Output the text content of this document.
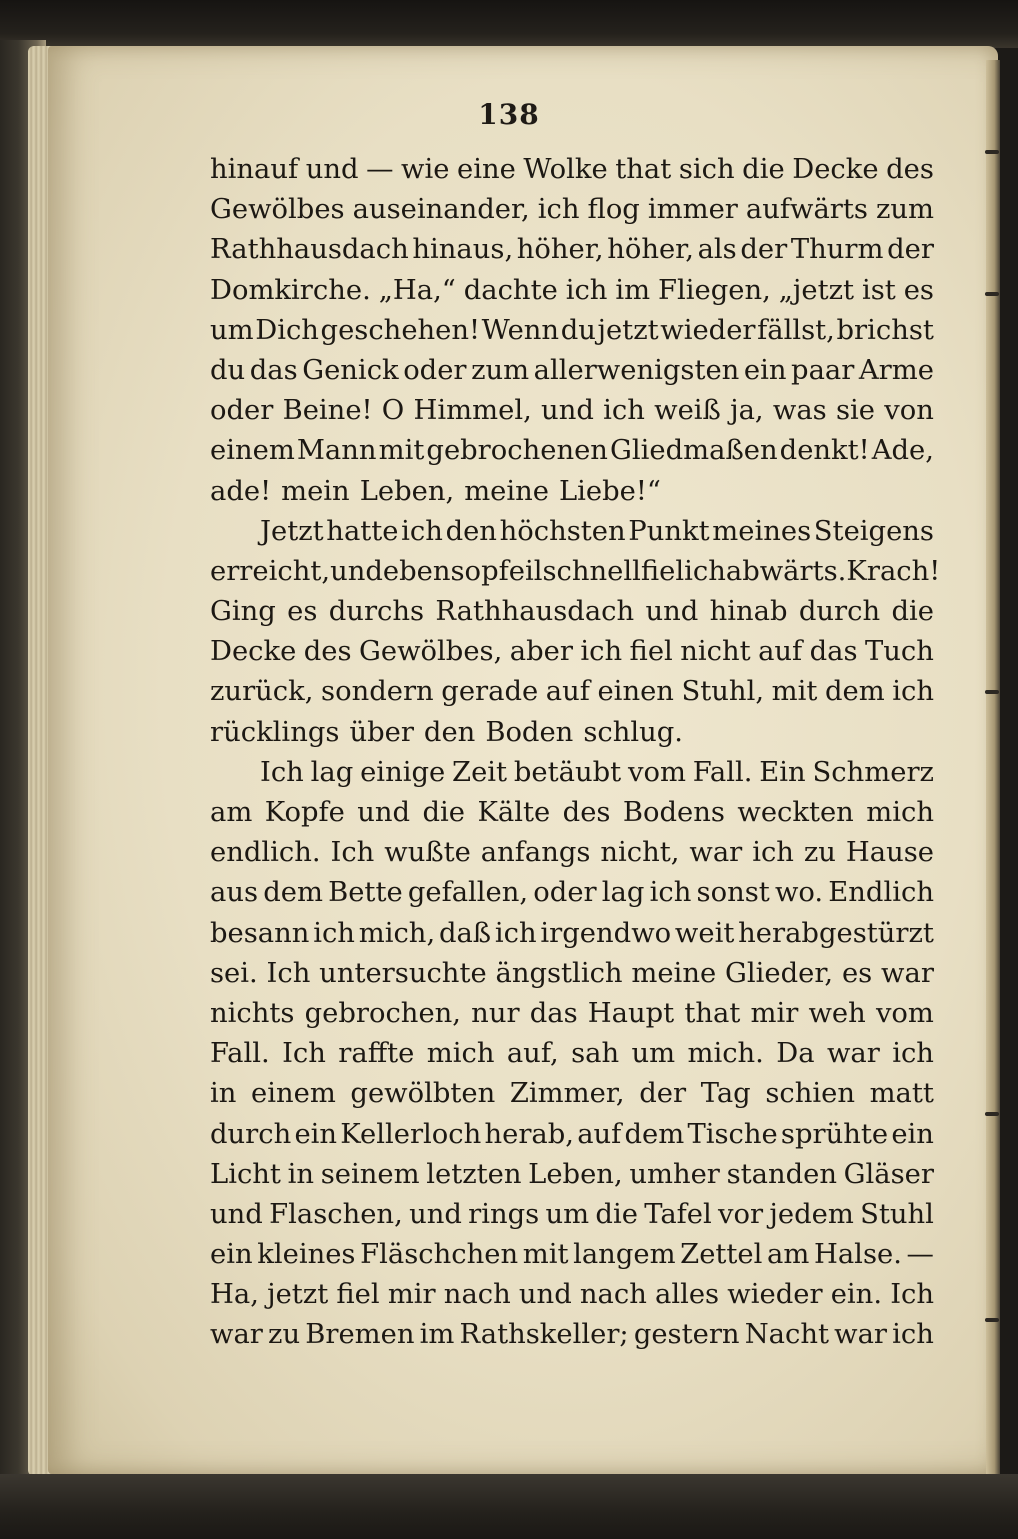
138
hinauf und — wie eine Wolke that sich die Decke des
Gewölbes auseinander, ich flog immer aufwärts zum
Rathhausdach hinaus, höher, höher, als der Thurm der
Domkirche. „Ha,“ dachte ich im Fliegen, „jetzt ist es
um Dich geschehen! Wenn du jetzt wieder fällst, brichst
du das Genick oder zum allerwenigsten ein paar Arme
oder Beine! O Himmel, und ich weiß ja, was sie von
einem Mann mit gebrochenen Gliedmaßen denkt! Ade,
ade! mein Leben, meine Liebe!“
Jetzt hatte ich den höchsten Punkt meines Steigens
erreicht, und eben so pfeilschnell fiel ich abwärts. Krach!
Ging es durchs Rathhausdach und hinab durch die
Decke des Gewölbes, aber ich fiel nicht auf das Tuch
zurück, sondern gerade auf einen Stuhl, mit dem ich
rücklings über den Boden schlug.
Ich lag einige Zeit betäubt vom Fall. Ein Schmerz
am Kopfe und die Kälte des Bodens weckten mich
endlich. Ich wußte anfangs nicht, war ich zu Hause
aus dem Bette gefallen, oder lag ich sonst wo. Endlich
besann ich mich, daß ich irgendwo weit herabgestürzt
sei. Ich untersuchte ängstlich meine Glieder, es war
nichts gebrochen, nur das Haupt that mir weh vom
Fall. Ich raffte mich auf, sah um mich. Da war ich
in einem gewölbten Zimmer, der Tag schien matt
durch ein Kellerloch herab, auf dem Tische sprühte ein
Licht in seinem letzten Leben, umher standen Gläser
und Flaschen, und rings um die Tafel vor jedem Stuhl
ein kleines Fläschchen mit langem Zettel am Halse. —
Ha, jetzt fiel mir nach und nach alles wieder ein. Ich
war zu Bremen im Rathskeller; gestern Nacht war ich
